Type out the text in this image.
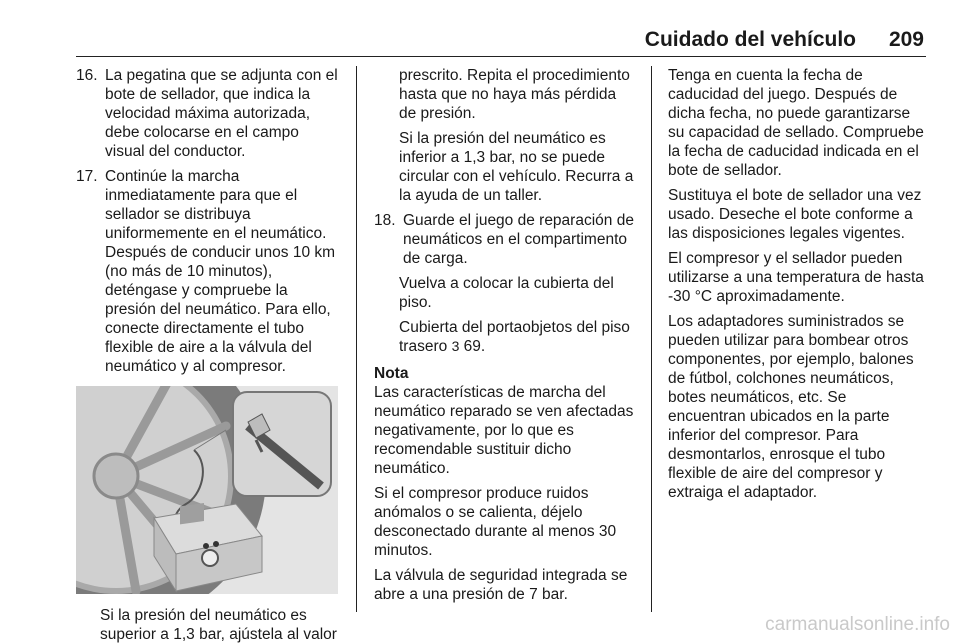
Cuidado del vehículo	209
16. La pegatina que se adjunta con el bote de sellador, que indica la velocidad máxima autorizada, debe colocarse en el campo visual del conductor.
17. Continúe la marcha inmediatamente para que el sellador se distribuya uniformemente en el neumático. Después de conducir unos 10 km (no más de 10 minutos), deténgase y compruebe la presión del neumático. Para ello, conecte directamente el tubo flexible de aire a la válvula del neumático y al compresor.
Si la presión del neumático es superior a 1,3 bar, ajústela al valor

prescrito. Repita el procedimiento hasta que no haya más pérdida de presión.

Si la presión del neumático es inferior a 1,3 bar, no se puede circular con el vehículo. Recurra a la ayuda de un taller.

18. Guarde el juego de reparación de neumáticos en el compartimento de carga.

Vuelva a colocar la cubierta del piso.

Cubierta del portaobjetos del piso trasero 3 69.

Nota

Las características de marcha del neumático reparado se ven afectadas negativamente, por lo que es recomendable sustituir dicho neumático.

Si el compresor produce ruidos anómalos o se calienta, déjelo desconectado durante al menos 30 minutos.

La válvula de seguridad integrada se abre a una presión de 7 bar.

Tenga en cuenta la fecha de caducidad del juego. Después de dicha fecha, no puede garantizarse su capacidad de sellado. Compruebe la fecha de caducidad indicada en el bote de sellador.

Sustituya el bote de sellador una vez usado. Deseche el bote conforme a las disposiciones legales vigentes.

El compresor y el sellador pueden utilizarse a una temperatura de hasta -30 °C aproximadamente.

Los adaptadores suministrados se pueden utilizar para bombear otros componentes, por ejemplo, balones de fútbol, colchones neumáticos, botes neumáticos, etc. Se encuentran ubicados en la parte inferior del compresor. Para desmontarlos, enrosque el tubo flexible de aire del compresor y extraiga el adaptador.

carmanualsonline.info
